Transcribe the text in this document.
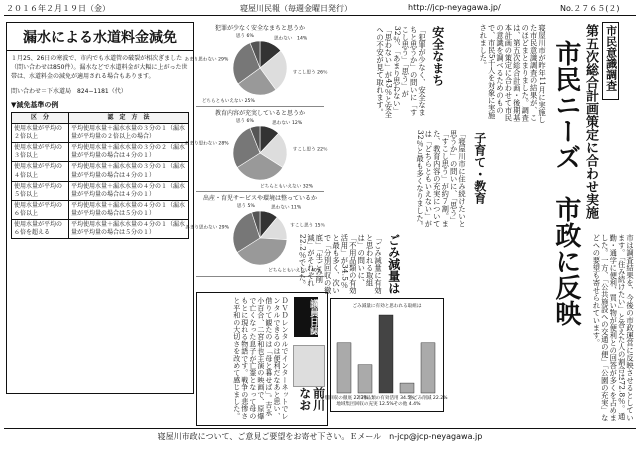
２０１６年２月１９日（金）	寝屋川民報（毎週金曜日発行）	http://jcp-neyagawa.jp/	No.２７６５(２)
漏水による水道料金減免
１月25、26日の寒波で、市内でも水道管の破裂が相次ぎました（問い合わせは850件）。漏水などで水道料金が大幅に上がった世帯は、水道料金の減免が適用される場合もあります。
問い合わせ＝下水道局　824−1181（代）
▼減免基準の例
区　分	認　定　方　法
使用水量が平均の２倍以上	平均使用水量＋漏水水量の３分の１（漏水量が平均量の２倍以上の場合）
使用水量が平均の３倍以上	平均使用水量＋漏水水量の３分の２（漏水量が平均量の場合は４分の１）
使用水量が平均の４倍以上	平均使用水量＋漏水水量の３分の１（漏水量が平均量の場合は４分の１）
使用水量が平均の５倍以上	平均使用水量＋漏水水量の４分の１（漏水量が平均量の場合は４分の１）
使用水量が平均の６倍以上	平均使用水量＋漏水水量の４分の１（漏水量が平均量の場合は５分の１）
使用水量が平均の６倍を超える	平均使用水量＋漏水水量の４分の１（漏水量が平均量の場合は５分の１）
犯罪が少なく安全なまちと思うか
思わない　14%
すこし思う 26％
どちらともいえない 25%
あまり思わない 29%
思う 6%
教育内容が充実していると思うか
思わない 12%
すこし思う 22％
どちらともいえない 32%
あまり思わない 28%
思う 6%
出産・育児サービスや環境は整っているか
思わない 11%
すこし思う 15％
どちらともいえない 40%
あまり思わない 29%
思う 5%
市民意識調査
第五次総合計画策定に合わせ実施
市民ニーズ　市政に反映
寝屋川市が昨年11月に実施した市民意識調査の結果が、このほどまとまりました。調査は、第五次総合計画・後期基本計画の策定に合わせて市民の意識を調べるためのもので、市民5千人を対象に実施されました。
安全なまち
「犯罪が少なく、安全なまちと思うか」の問いに「すこし思う」「思う」が32％、「あまり思わない」「思わない」が43％と安全への不安が見て取れます。
子育て・教育
「寝屋川市に住み続けたいと思うか」の問いに、「思う」「すこし思う」が約７割。また、教育内容の充実については「どちらともいえない」が32％と最も多くなりました。
ごみ減量は
「ごみ減量に有効と思われる取組は」の問いに、「不用品類の有効活用」が34.5％と最も多く、次いで「分別回収の徹底」「生ごみ削減」がそれぞれ22.2％でした。	市は調査結果を、今後の市政運営に反映させるとしています。「住み続けたい」と答えた人の割合は72.8％。通勤・通学に便利、買い物が便利との回答が多くを占めました。一方、「公共施設への交通の便」「公園の充実」などへの要望も寄せられています。
ごみ減量に有効と思われる取組は
分別回収の徹底 22.2%
地域集団回収の充実 12.5%
不用品類の有効活用 34.5%
その他 4.4%
生ごみ削減 22.2%
議員日誌
前川 なお
ＤＶＤレンタルでインターネットでレンタルできるのは便利だなあと思い、借りて観たのは「母と暮せば」。吉永小百合、二宮和也主演の映画で、原爆で亡くなった息子が亡霊となって母のもとに現れる物語です。戦争の悲惨さと平和の大切さを改めて感じました。
寝屋川市政について、ご意見ご要望をお寄せ下さい。Ｅメール　n-jcp@jcp-neyagawa.jp
